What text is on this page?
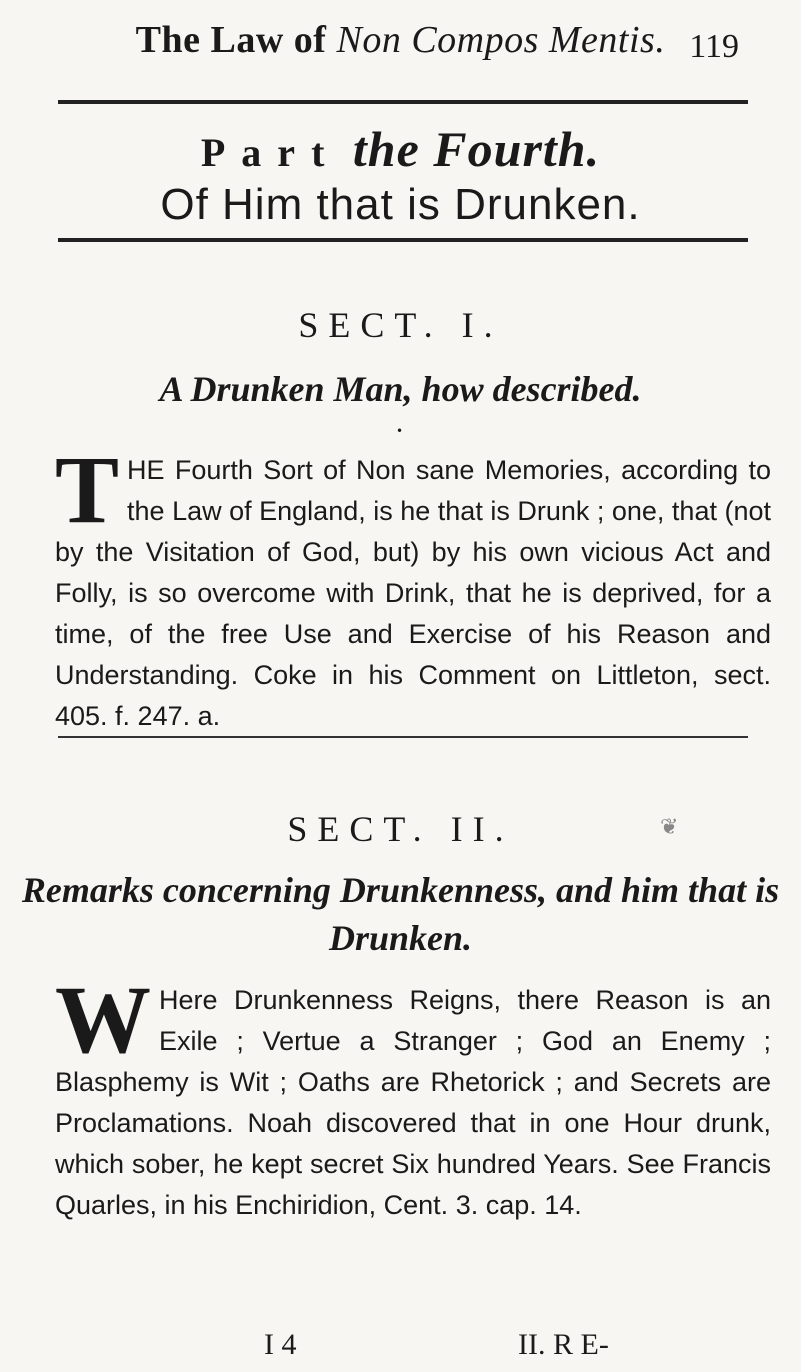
The Law of Non Compos Mentis. 119
Part the Fourth.
Of Him that is Drunken.
SECT. I.
A Drunken Man, how described.
•
T HE Fourth Sort of Non sane Memories, according to the Law of England, is he that is Drunk ; one, that (not by the Visitation of God, but) by his own vicious Act and Folly, is so overcome with Drink, that he is deprived, for a time, of the free Use and Exercise of his Reason and Understanding. Coke in his Comment on Littleton, sect. 405. f. 247. a.
SECT. II.	❦
Remarks concerning Drunkenness, and him that is Drunken.
W Here Drunkenness Reigns, there Reason is an Exile ; Vertue a Stranger ; God an Enemy ; Blasphemy is Wit ; Oaths are Rhetorick ; and Secrets are Proclamations. Noah discovered that in one Hour drunk, which sober, he kept secret Six hundred Years. See Francis Quarles, in his Enchiridion, Cent. 3. cap. 14.
I 4	II. R E-
